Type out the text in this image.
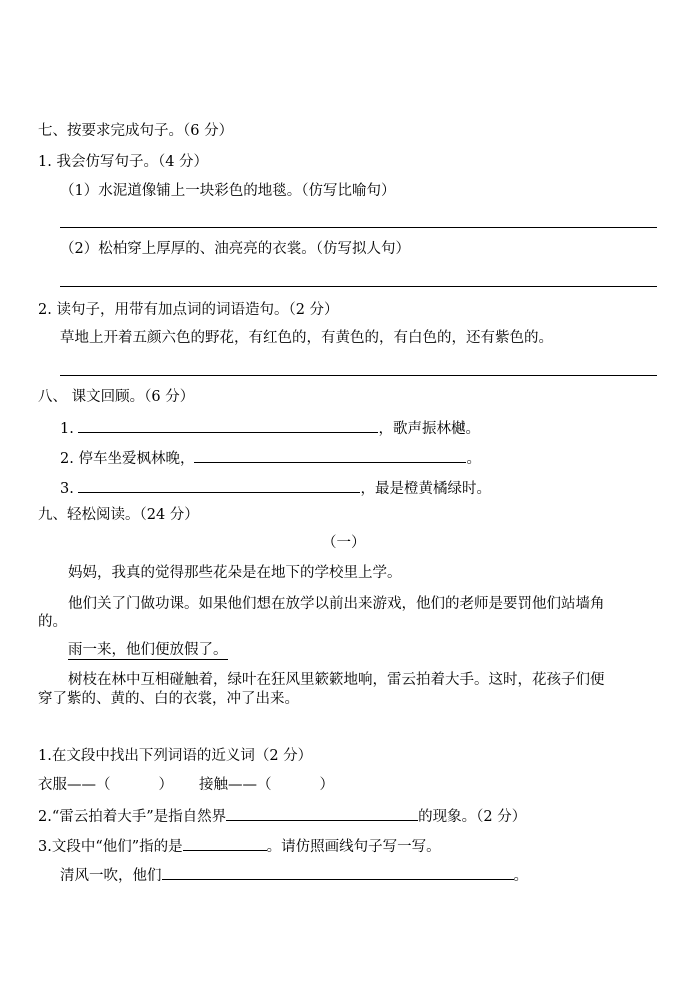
七、按要求完成句子。（6 分）
1. 我会仿写句子。（4 分）
（1）水泥道像铺上一块彩色的地毯。（仿写比喻句）
（2）松柏穿上厚厚的、油亮亮的衣裳。（仿写拟人句）
2. 读句子，用带有加点词的词语造句。（2 分）
草地上开着五颜六色的野花，有红色的，有黄色的，有白色的，还有紫色的。
八、 课文回顾。（6 分）
1.	，歌声振林樾。
2. 停车坐爱枫林晚，	。
3.	，最是橙黄橘绿时。
九、轻松阅读。（24 分）
（一）
妈妈，我真的觉得那些花朵是在地下的学校里上学。
他们关了门做功课。如果他们想在放学以前出来游戏，他们的老师是要罚他们站墙角
的。
雨一来，他们便放假了。
树枝在林中互相碰触着，绿叶在狂风里簌簌地响，雷云拍着大手。这时，花孩子们便
穿了紫的、黄的、白的衣裳，冲了出来。
1.在文段中找出下列词语的近义词（2 分）
衣服——（	） 接触——（	）
2.“雷云拍着大手”是指自然界	的现象。（2 分）
3.文段中“他们”指的是	。请仿照画线句子写一写。
清风一吹，他们	。
